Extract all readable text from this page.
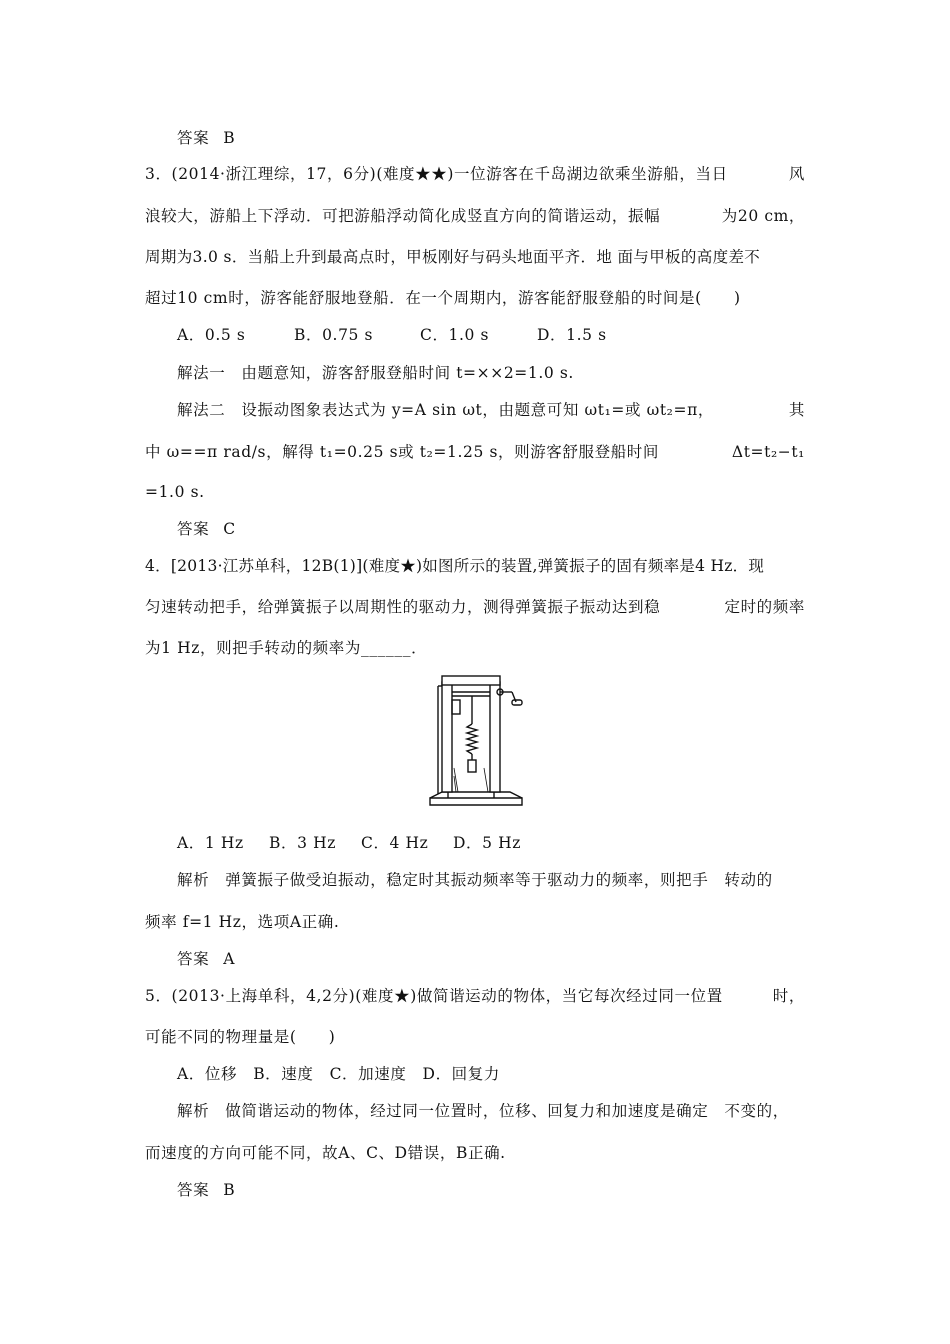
答案 B
3．(2014·浙江理综，17，6分)(难度★★)一位游客在千岛湖边欲乘坐游船，当日	风
浪较大，游船上下浮动．可把游船浮动简化成竖直方向的简谐运动，振幅	为20 cm，
周期为3.0 s．当船上升到最高点时，甲板刚好与码头地面平齐．地 面与甲板的高度差不
超过10 cm时，游客能舒服地登船．在一个周期内，游客能舒服登船的时间是(　　)
A．0.5 s	B．0.75 s	C．1.0 s	D．1.5 s
解法一　由题意知，游客舒服登船时间 t=××2=1.0 s.
解法二　设振动图象表达式为 y=A sin ωt，由题意可知 ωt₁=或 ωt₂=π，	其
中 ω==π rad/s，解得 t₁=0.25 s或 t₂=1.25 s，则游客舒服登船时间	Δt=t₂−t₁
=1.0 s.
答案 C
4．[2013·江苏单科，12B(1)](难度★)如图所示的装置,弹簧振子的固有频率是4 Hz．现
匀速转动把手，给弹簧振子以周期性的驱动力，测得弹簧振子振动达到稳	定时的频率
为1 Hz，则把手转动的频率为______．
A．1 Hz B．3 Hz C．4 Hz D．5 Hz
解析　弹簧振子做受迫振动，稳定时其振动频率等于驱动力的频率，则把手　转动的
频率 f=1 Hz，选项A正确.
答案 A
5．(2013·上海单科，4,2分)(难度★)做简谐运动的物体，当它每次经过同一位置	时，
可能不同的物理量是(　　)
A．位移　B．速度　C．加速度　D．回复力
解析　做简谐运动的物体，经过同一位置时，位移、回复力和加速度是确定　不变的，
而速度的方向可能不同，故A、C、D错误，B正确.
答案 B
